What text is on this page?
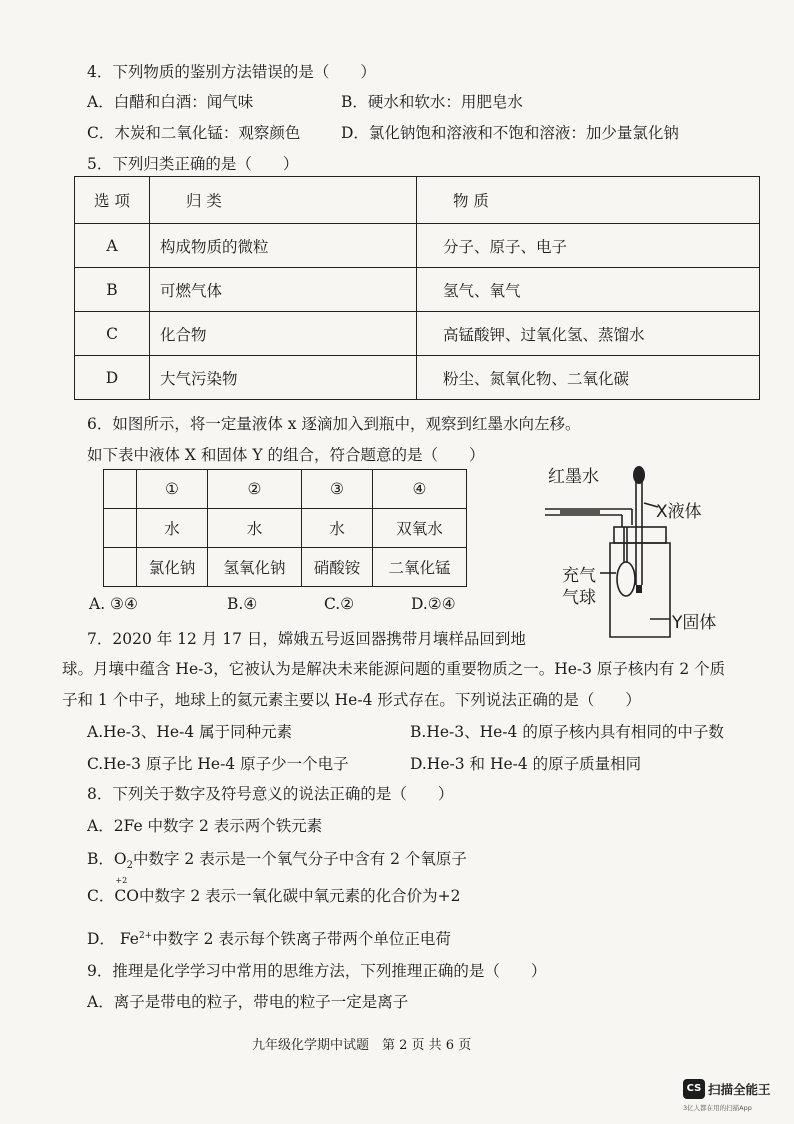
4．下列物质的鉴别方法错误的是（　　）
A．白醋和白酒：闻气味	B．硬水和软水：用肥皂水
C．木炭和二氧化锰：观察颜色	D．氯化钠饱和溶液和不饱和溶液：加少量氯化钠
5．下列归类正确的是（　　）
选 项	归 类	物 质
A	构成物质的微粒	分子、原子、电子
B	可燃气体	氢气、氧气
C	化合物	高锰酸钾、过氧化氢、蒸馏水
D	大气污染物	粉尘、氮氧化物、二氧化碳
6．如图所示，将一定量液体 x 逐滴加入到瓶中，观察到红墨水向左移。
如下表中液体 X 和固体 Y 的组合，符合题意的是（　　）
	①	②	③	④
	水	水	水	双氧水
	氯化钠	氢氧化钠	硝酸铵	二氧化锰
A. ③④	B.④	C.②	D.②④
红墨水
X液体
充气
气球
Y固体
7．2020 年 12 月 17 日，嫦娥五号返回器携带月壤样品回到地
球。月壤中蕴含 He-3，它被认为是解决未来能源问题的重要物质之一。He-3 原子核内有 2 个质
子和 1 个中子，地球上的氦元素主要以 He-4 形式存在。下列说法正确的是（　　）
A.He-3、He-4 属于同种元素	B.He-3、He-4 的原子核内具有相同的中子数
C.He-3 原子比 He-4 原子少一个电子	D.He-3 和 He-4 的原子质量相同
8．下列关于数字及符号意义的说法正确的是（　　）
A．2Fe 中数字 2 表示两个铁元素
B．$O_2$中数字 2 表示是一个氧气分子中含有 2 个氧原子
C．
+2
CO中数字 2 表示一氧化碳中氧元素的化合价为+2
D． $Fe^{2+}$中数字 2 表示每个铁离子带两个单位正电荷
9．推理是化学学习中常用的思维方法，下列推理正确的是（　　）
A．离子是带电的粒子，带电的粒子一定是离子
九年级化学期中试题　第 2 页 共 6 页
CS 扫描全能王
3亿人都在用的扫描App
